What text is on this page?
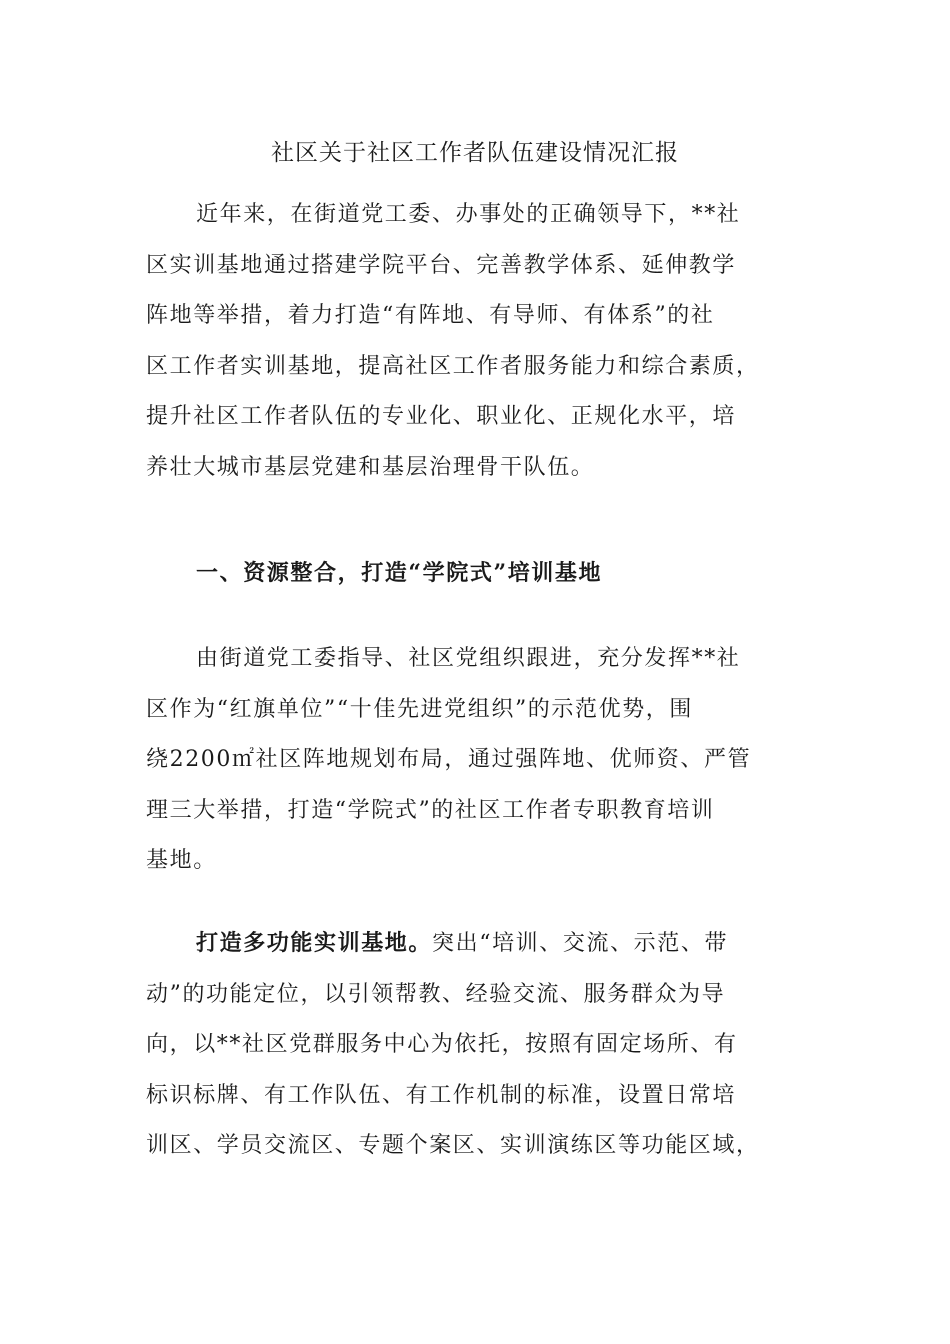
社区关于社区工作者队伍建设情况汇报
近年来，在街道党工委、办事处的正确领导下，**社
区实训基地通过搭建学院平台、完善教学体系、延伸教学
阵地等举措，着力打造“有阵地、有导师、有体系”的社
区工作者实训基地，提高社区工作者服务能力和综合素质，
提升社区工作者队伍的专业化、职业化、正规化水平，培
养壮大城市基层党建和基层治理骨干队伍。
一、资源整合，打造“学院式”培训基地
由街道党工委指导、社区党组织跟进，充分发挥**社
区作为“红旗单位”“十佳先进党组织”的示范优势，围
绕2200㎡社区阵地规划布局，通过强阵地、优师资、严管
理三大举措，打造“学院式”的社区工作者专职教育培训
基地。
打造多功能实训基地。突出“培训、交流、示范、带
动”的功能定位，以引领帮教、经验交流、服务群众为导
向，以**社区党群服务中心为依托，按照有固定场所、有
标识标牌、有工作队伍、有工作机制的标准，设置日常培
训区、学员交流区、专题个案区、实训演练区等功能区域，
